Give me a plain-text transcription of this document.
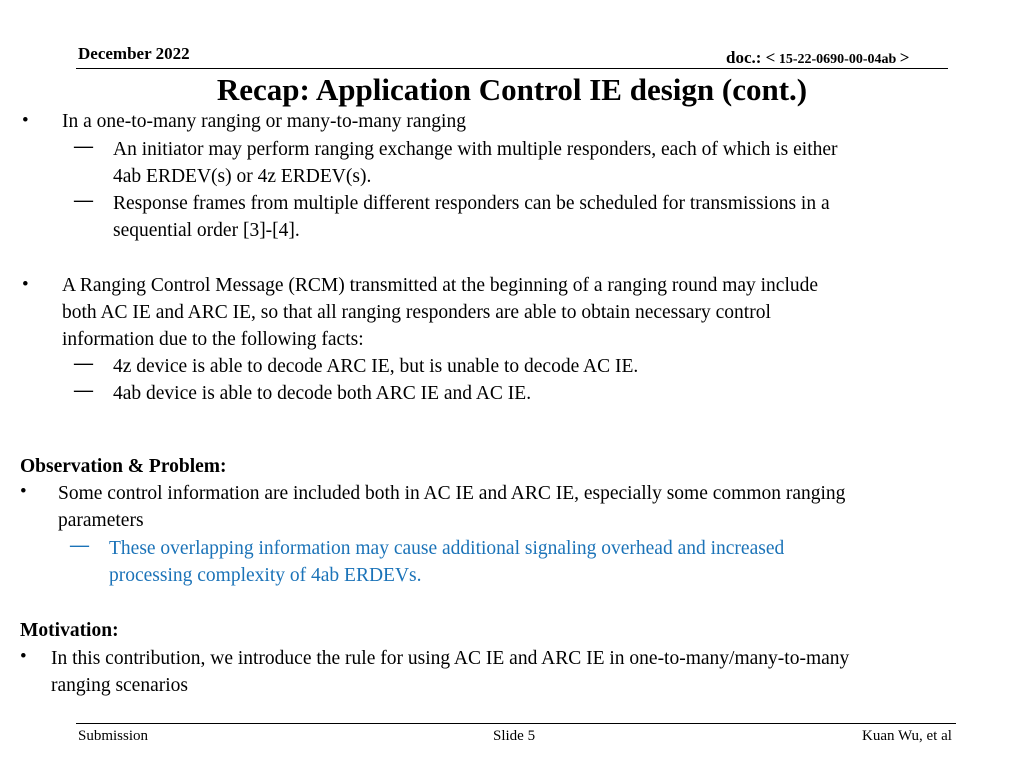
December 2022	doc.: < 15-22-0690-00-04ab >
Recap: Application Control IE design (cont.)
• In a one-to-many ranging or many-to-many ranging
— An initiator may perform ranging exchange with multiple responders, each of which is either
4ab ERDEV(s) or 4z ERDEV(s).
— Response frames from multiple different responders can be scheduled for transmissions in a
sequential order [3]-[4].
• A Ranging Control Message (RCM) transmitted at the beginning of a ranging round may include
both AC IE and ARC IE, so that all ranging responders are able to obtain necessary control
information due to the following facts:
— 4z device is able to decode ARC IE, but is unable to decode AC IE.
— 4ab device is able to decode both ARC IE and AC IE.
Observation & Problem:
• Some control information are included both in AC IE and ARC IE, especially some common ranging
parameters
— These overlapping information may cause additional signaling overhead and increased
processing complexity of 4ab ERDEVs.
Motivation:
• In this contribution, we introduce the rule for using AC IE and ARC IE in one-to-many/many-to-many
ranging scenarios
Submission	Slide 5	Kuan Wu, et al
